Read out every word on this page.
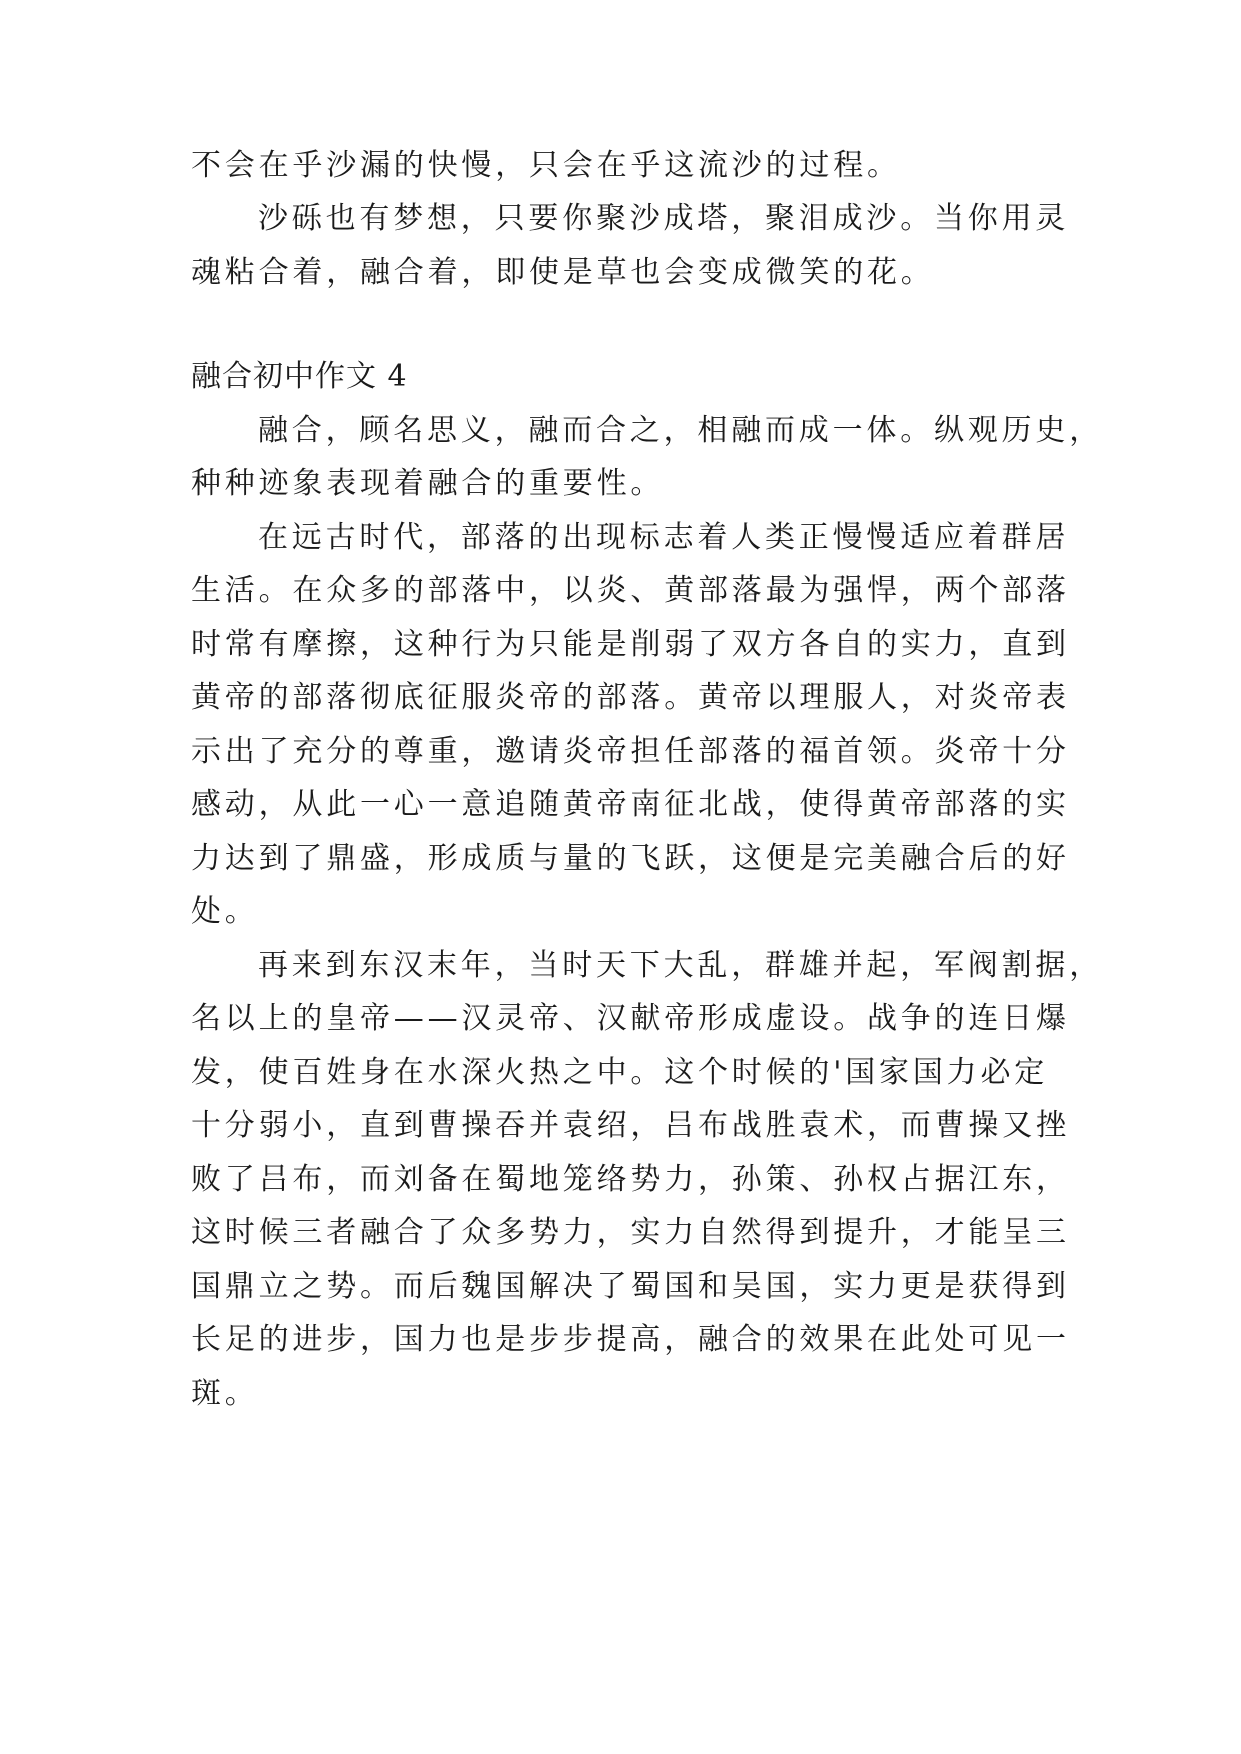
不会在乎沙漏的快慢，只会在乎这流沙的过程。
沙砾也有梦想，只要你聚沙成塔，聚泪成沙。当你用灵
魂粘合着，融合着，即使是草也会变成微笑的花。
融合初中作文 4
融合，顾名思义，融而合之，相融而成一体。纵观历史，
种种迹象表现着融合的重要性。
在远古时代，部落的出现标志着人类正慢慢适应着群居
生活。在众多的部落中，以炎、黄部落最为强悍，两个部落
时常有摩擦，这种行为只能是削弱了双方各自的实力，直到
黄帝的部落彻底征服炎帝的部落。黄帝以理服人，对炎帝表
示出了充分的尊重，邀请炎帝担任部落的福首领。炎帝十分
感动，从此一心一意追随黄帝南征北战，使得黄帝部落的实
力达到了鼎盛，形成质与量的飞跃，这便是完美融合后的好
处。
再来到东汉末年，当时天下大乱，群雄并起，军阀割据，
名以上的皇帝——汉灵帝、汉献帝形成虚设。战争的连日爆
发，使百姓身在水深火热之中。这个时候的'国家国力必定
十分弱小，直到曹操吞并袁绍，吕布战胜袁术，而曹操又挫
败了吕布，而刘备在蜀地笼络势力，孙策、孙权占据江东，
这时候三者融合了众多势力，实力自然得到提升，才能呈三
国鼎立之势。而后魏国解决了蜀国和吴国，实力更是获得到
长足的进步，国力也是步步提高，融合的效果在此处可见一
斑。
